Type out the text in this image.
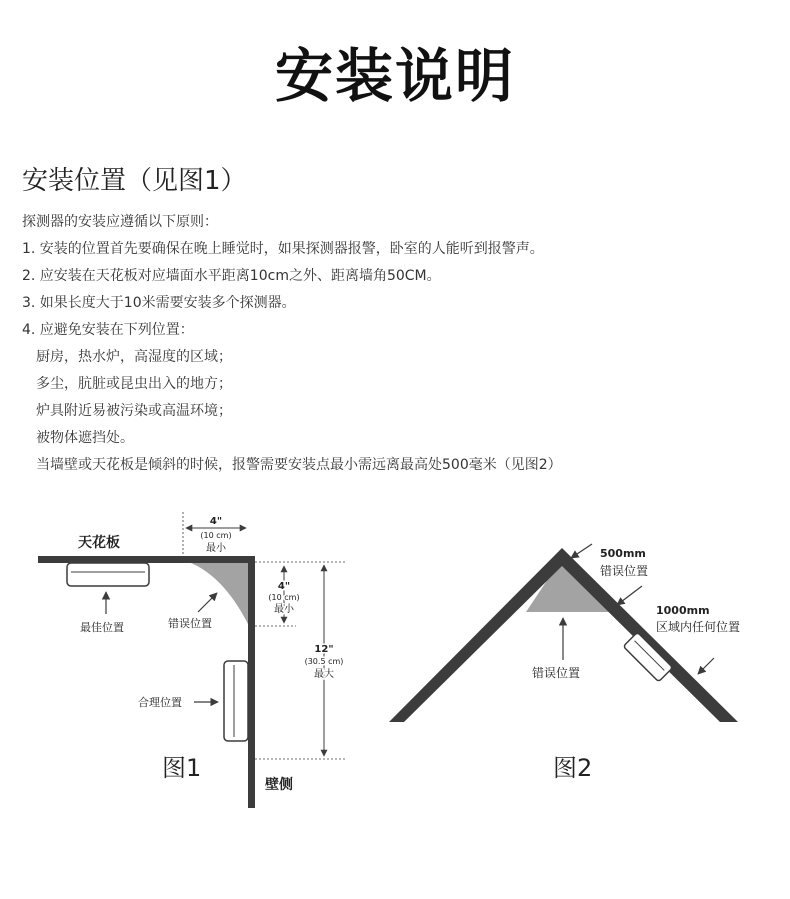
安装说明
安装位置（见图1）
探测器的安装应遵循以下原则：
1. 安装的位置首先要确保在晚上睡觉时，如果探测器报警，卧室的人能听到报警声。
2. 应安装在天花板对应墙面水平距离10cm之外、距离墙角50CM。
3. 如果长度大于10米需要安装多个探测器。
4. 应避免安装在下列位置：
厨房，热水炉，高湿度的区域；
多尘，肮脏或昆虫出入的地方；
炉具附近易被污染或高温环境；
被物体遮挡处。
当墙壁或天花板是倾斜的时候，报警需要安装点最小需远离最高处500毫米（见图2）
天花板
最佳位置	错误位置
4"
(10 cm)
最小
4"
(10 cm)
最小
12"
(30.5 cm)
最大
合理位置
壁侧
图1
500mm
错误位置
1000mm
区域内任何位置
错误位置
图2
